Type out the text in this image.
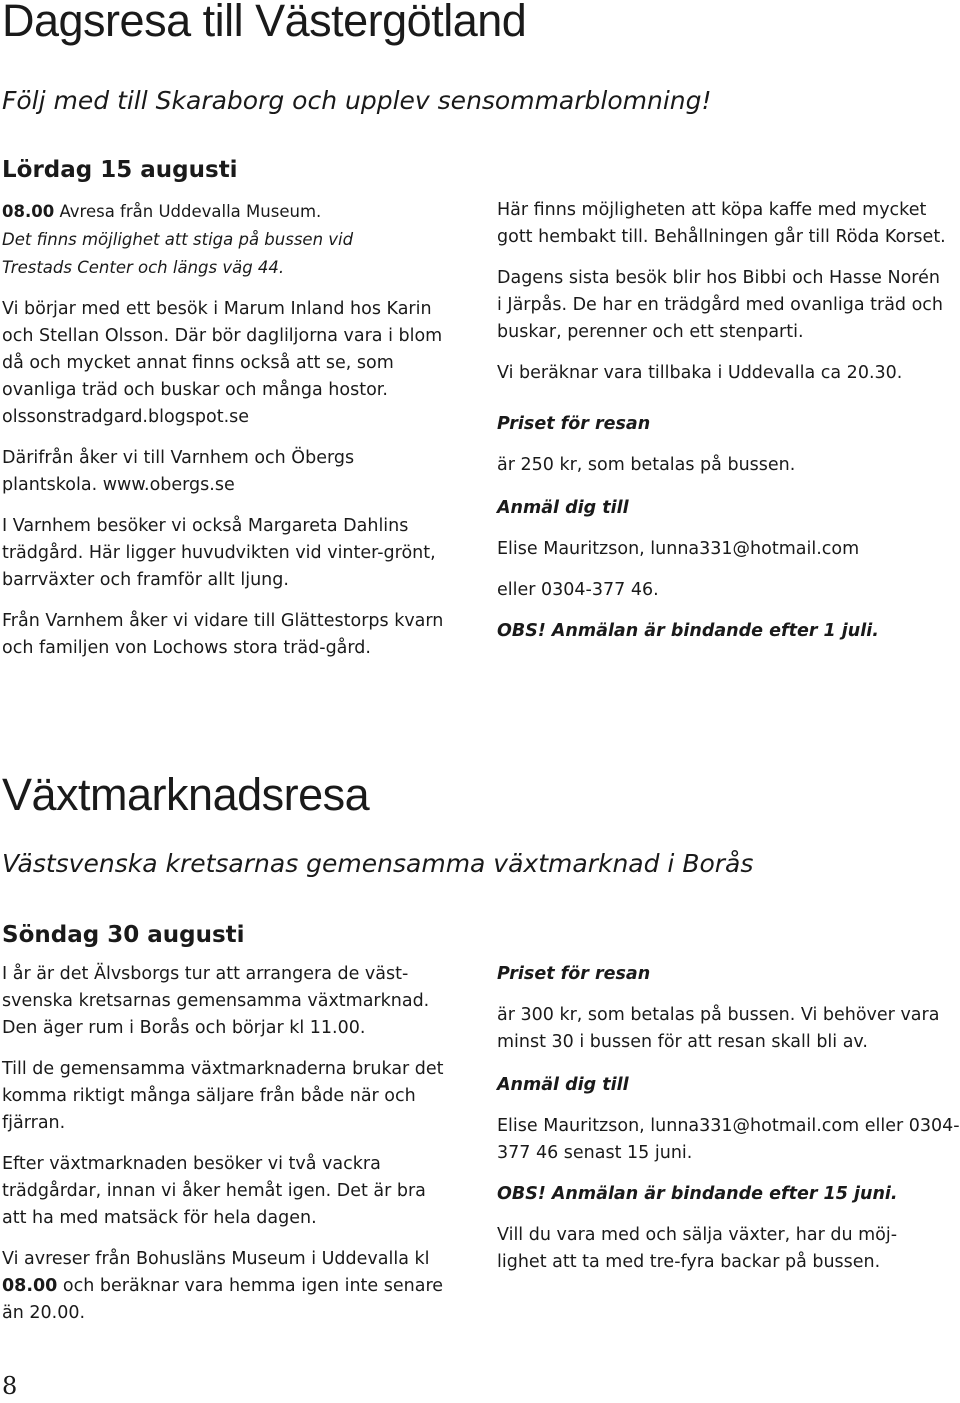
Dagsresa till Västergötland
Följ med till Skaraborg och upplev sensommarblomning!
Lördag 15 augusti

08.00 Avresa från Uddevalla Museum.
Det finns möjlighet att stiga på bussen vid
Trestads Center och längs väg 44.

Vi börjar med ett besök i Marum Inland hos Karin och Stellan Olsson. Där bör dagliljorna vara i blom då och mycket annat finns också att se, som ovanliga träd och buskar och många hostor. olssonstradgard.blogspot.se

Därifrån åker vi till Varnhem och Öbergs plantskola. www.obergs.se

I Varnhem besöker vi också Margareta Dahlins trädgård. Här ligger huvudvikten vid vinter-grönt, barrväxter och framför allt ljung.

Från Varnhem åker vi vidare till Glättestorps kvarn och familjen von Lochows stora träd-gård.

Här finns möjligheten att köpa kaffe med mycket gott hembakt till. Behållningen går till Röda Korset.

Dagens sista besök blir hos Bibbi och Hasse Norén i Järpås. De har en trädgård med ovanliga träd och buskar, perenner och ett stenparti.

Vi beräknar vara tillbaka i Uddevalla ca 20.30.

Priset för resan
är 250 kr, som betalas på bussen.
Anmäl dig till
Elise Mauritzson, lunna331@hotmail.com
eller 0304-377 46.
OBS! Anmälan är bindande efter 1 juli.
Växtmarknadsresa
Västsvenska kretsarnas gemensamma växtmarknad i Borås
Söndag 30 augusti

I år är det Älvsborgs tur att arrangera de väst-svenska kretsarnas gemensamma växtmarknad. Den äger rum i Borås och börjar kl 11.00.

Till de gemensamma växtmarknaderna brukar det komma riktigt många säljare från både när och fjärran.

Efter växtmarknaden besöker vi två vackra trädgårdar, innan vi åker hemåt igen. Det är bra att ha med matsäck för hela dagen.

Vi avreser från Bohusläns Museum i Uddevalla kl 08.00 och beräknar vara hemma igen inte senare än 20.00.

Priset för resan
är 300 kr, som betalas på bussen. Vi behöver vara minst 30 i bussen för att resan skall bli av.
Anmäl dig till
Elise Mauritzson, lunna331@hotmail.com eller 0304-377 46 senast 15 juni.
OBS! Anmälan är bindande efter 15 juni.

Vill du vara med och sälja växter, har du möj-lighet att ta med tre-fyra backar på bussen.

8
